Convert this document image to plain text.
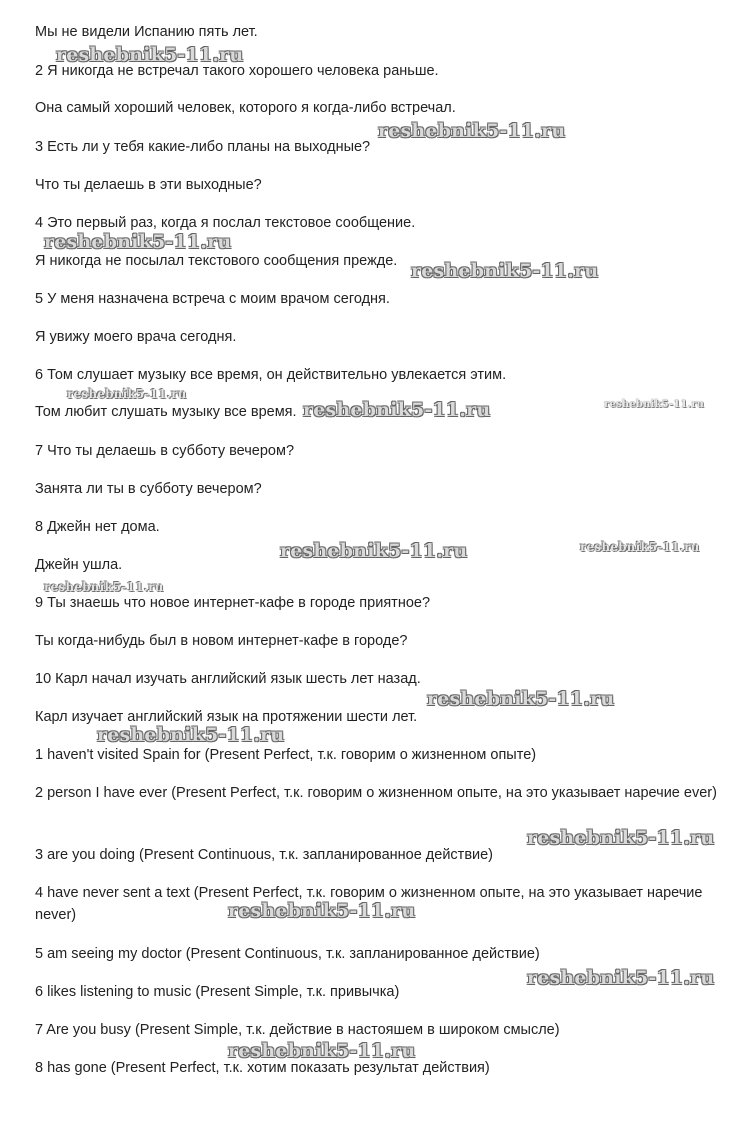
Мы не видели Испанию пять лет.
2 Я никогда не встречал такого хорошего человека раньше.
Она самый хороший человек, которого я когда-либо встречал.
3 Есть ли у тебя какие-либо планы на выходные?
Что ты делаешь в эти выходные?
4 Это первый раз, когда я послал текстовое сообщение.
Я никогда не посылал текстового сообщения прежде.
5 У меня назначена встреча с моим врачом сегодня.
Я увижу моего врача сегодня.
6 Том слушает музыку все время, он действительно увлекается этим.
Том любит слушать музыку все время.
7 Что ты делаешь в субботу вечером?
Занята ли ты в субботу вечером?
8 Джейн нет дома.
Джейн ушла.
9 Ты знаешь что новое интернет-кафе в городе приятное?
Ты когда-нибудь был в новом интернет-кафе в городе?
10 Карл начал изучать английский язык шесть лет назад.
Карл изучает английский язык на протяжении шести лет.
1 haven't visited Spain for (Present Perfect, т.к. говорим о жизненном опыте)
2 person I have ever (Present Perfect, т.к. говорим о жизненном опыте, на это указывает наречие ever)
3 are you doing (Present Continuous, т.к. запланированное действие)
4 have never sent a text (Present Perfect, т.к. говорим о жизненном опыте, на это указывает наречие never)
5 am seeing my doctor (Present Continuous, т.к. запланированное действие)
6 likes listening to music (Present Simple, т.к. привычка)
7 Are you busy (Present Simple, т.к. действие в настояшем в широком смысле)
8 has gone (Present Perfect, т.к. хотим показать результат действия)
reshebnik5-11.ru
reshebnik5-11.ru
reshebnik5-11.ru
reshebnik5-11.ru
reshebnik5-11.ru
reshebnik5-11.ru	reshebnik5-11.ru
reshebnik5-11.ru	reshebnik5-11.ru
reshebnik5-11.ru
reshebnik5-11.ru
reshebnik5-11.ru
reshebnik5-11.ru
reshebnik5-11.ru
reshebnik5-11.ru
reshebnik5-11.ru
